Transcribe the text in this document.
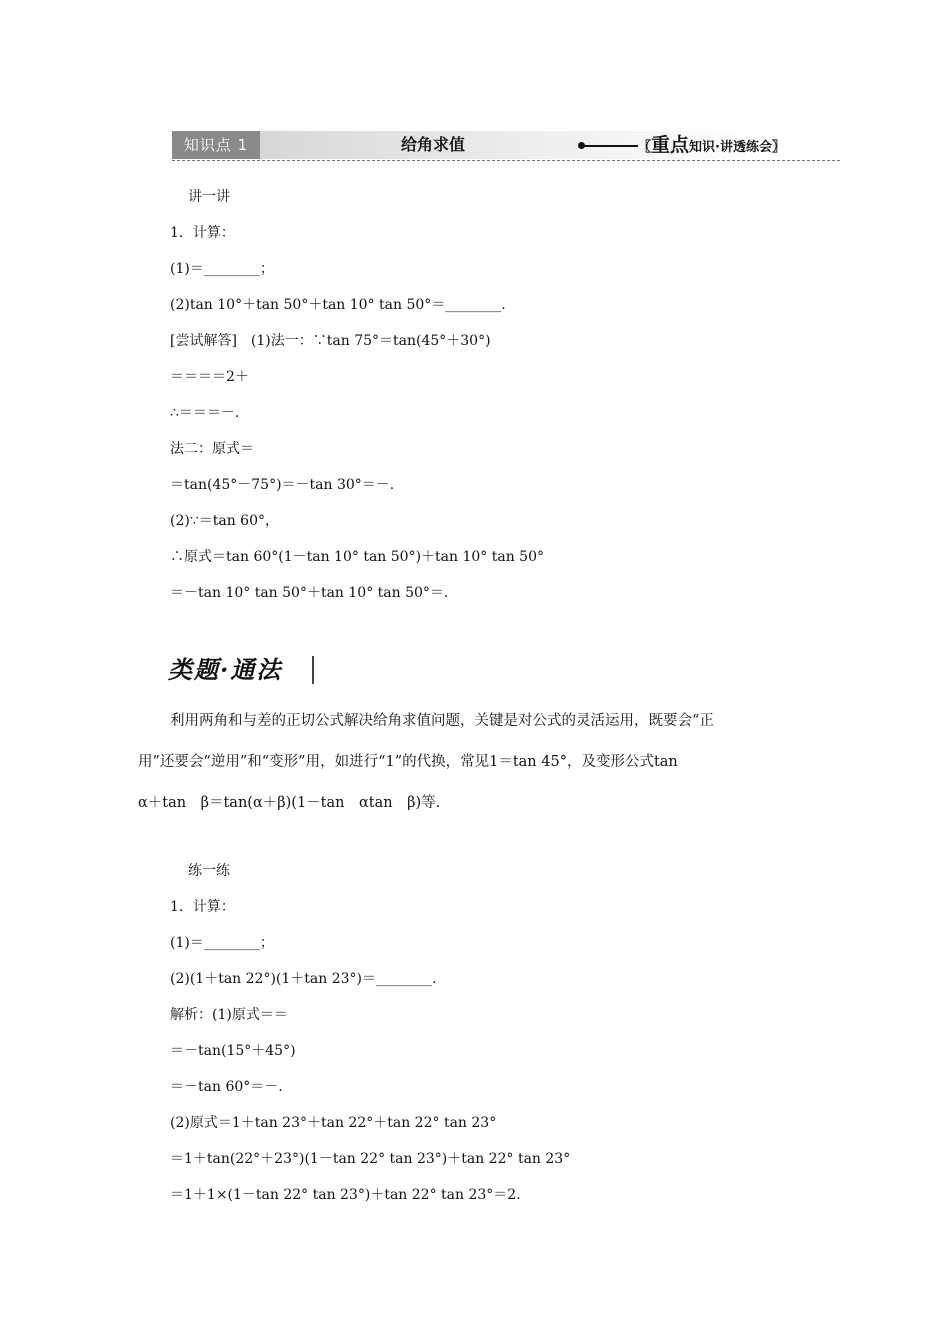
知识点 1	给角求值	〖重点知识·讲透练会〗
讲一讲
1．计算：
(1)＝________；
(2)tan 10°＋tan 50°＋tan 10° tan 50°＝________.
[尝试解答]　(1)法一：∵tan 75°＝tan(45°＋30°)
＝＝＝＝2＋
∴＝＝＝－.
法二：原式＝
＝tan(45°－75°)＝－tan 30°＝－.
(2)∵＝tan 60°，
∴原式＝tan 60°(1－tan 10° tan 50°)＋tan 10° tan 50°
＝－tan 10° tan 50°＋tan 10° tan 50°＝.
类题·通法
利用两角和与差的正切公式解决给角求值问题，关键是对公式的灵活运用，既要会“正
用”还要会“逆用”和“变形”用，如进行“1”的代换，常见1＝tan 45°，及变形公式tan
α＋tan　β＝tan(α＋β)(1－tan　αtan　β)等.
练一练
1．计算：
(1)＝________；
(2)(1＋tan 22°)(1＋tan 23°)＝________.
解析：(1)原式＝＝
＝－tan(15°＋45°)
＝－tan 60°＝－.
(2)原式＝1＋tan 23°＋tan 22°＋tan 22° tan 23°
＝1＋tan(22°＋23°)(1－tan 22° tan 23°)＋tan 22° tan 23°
＝1＋1×(1－tan 22° tan 23°)＋tan 22° tan 23°＝2.
